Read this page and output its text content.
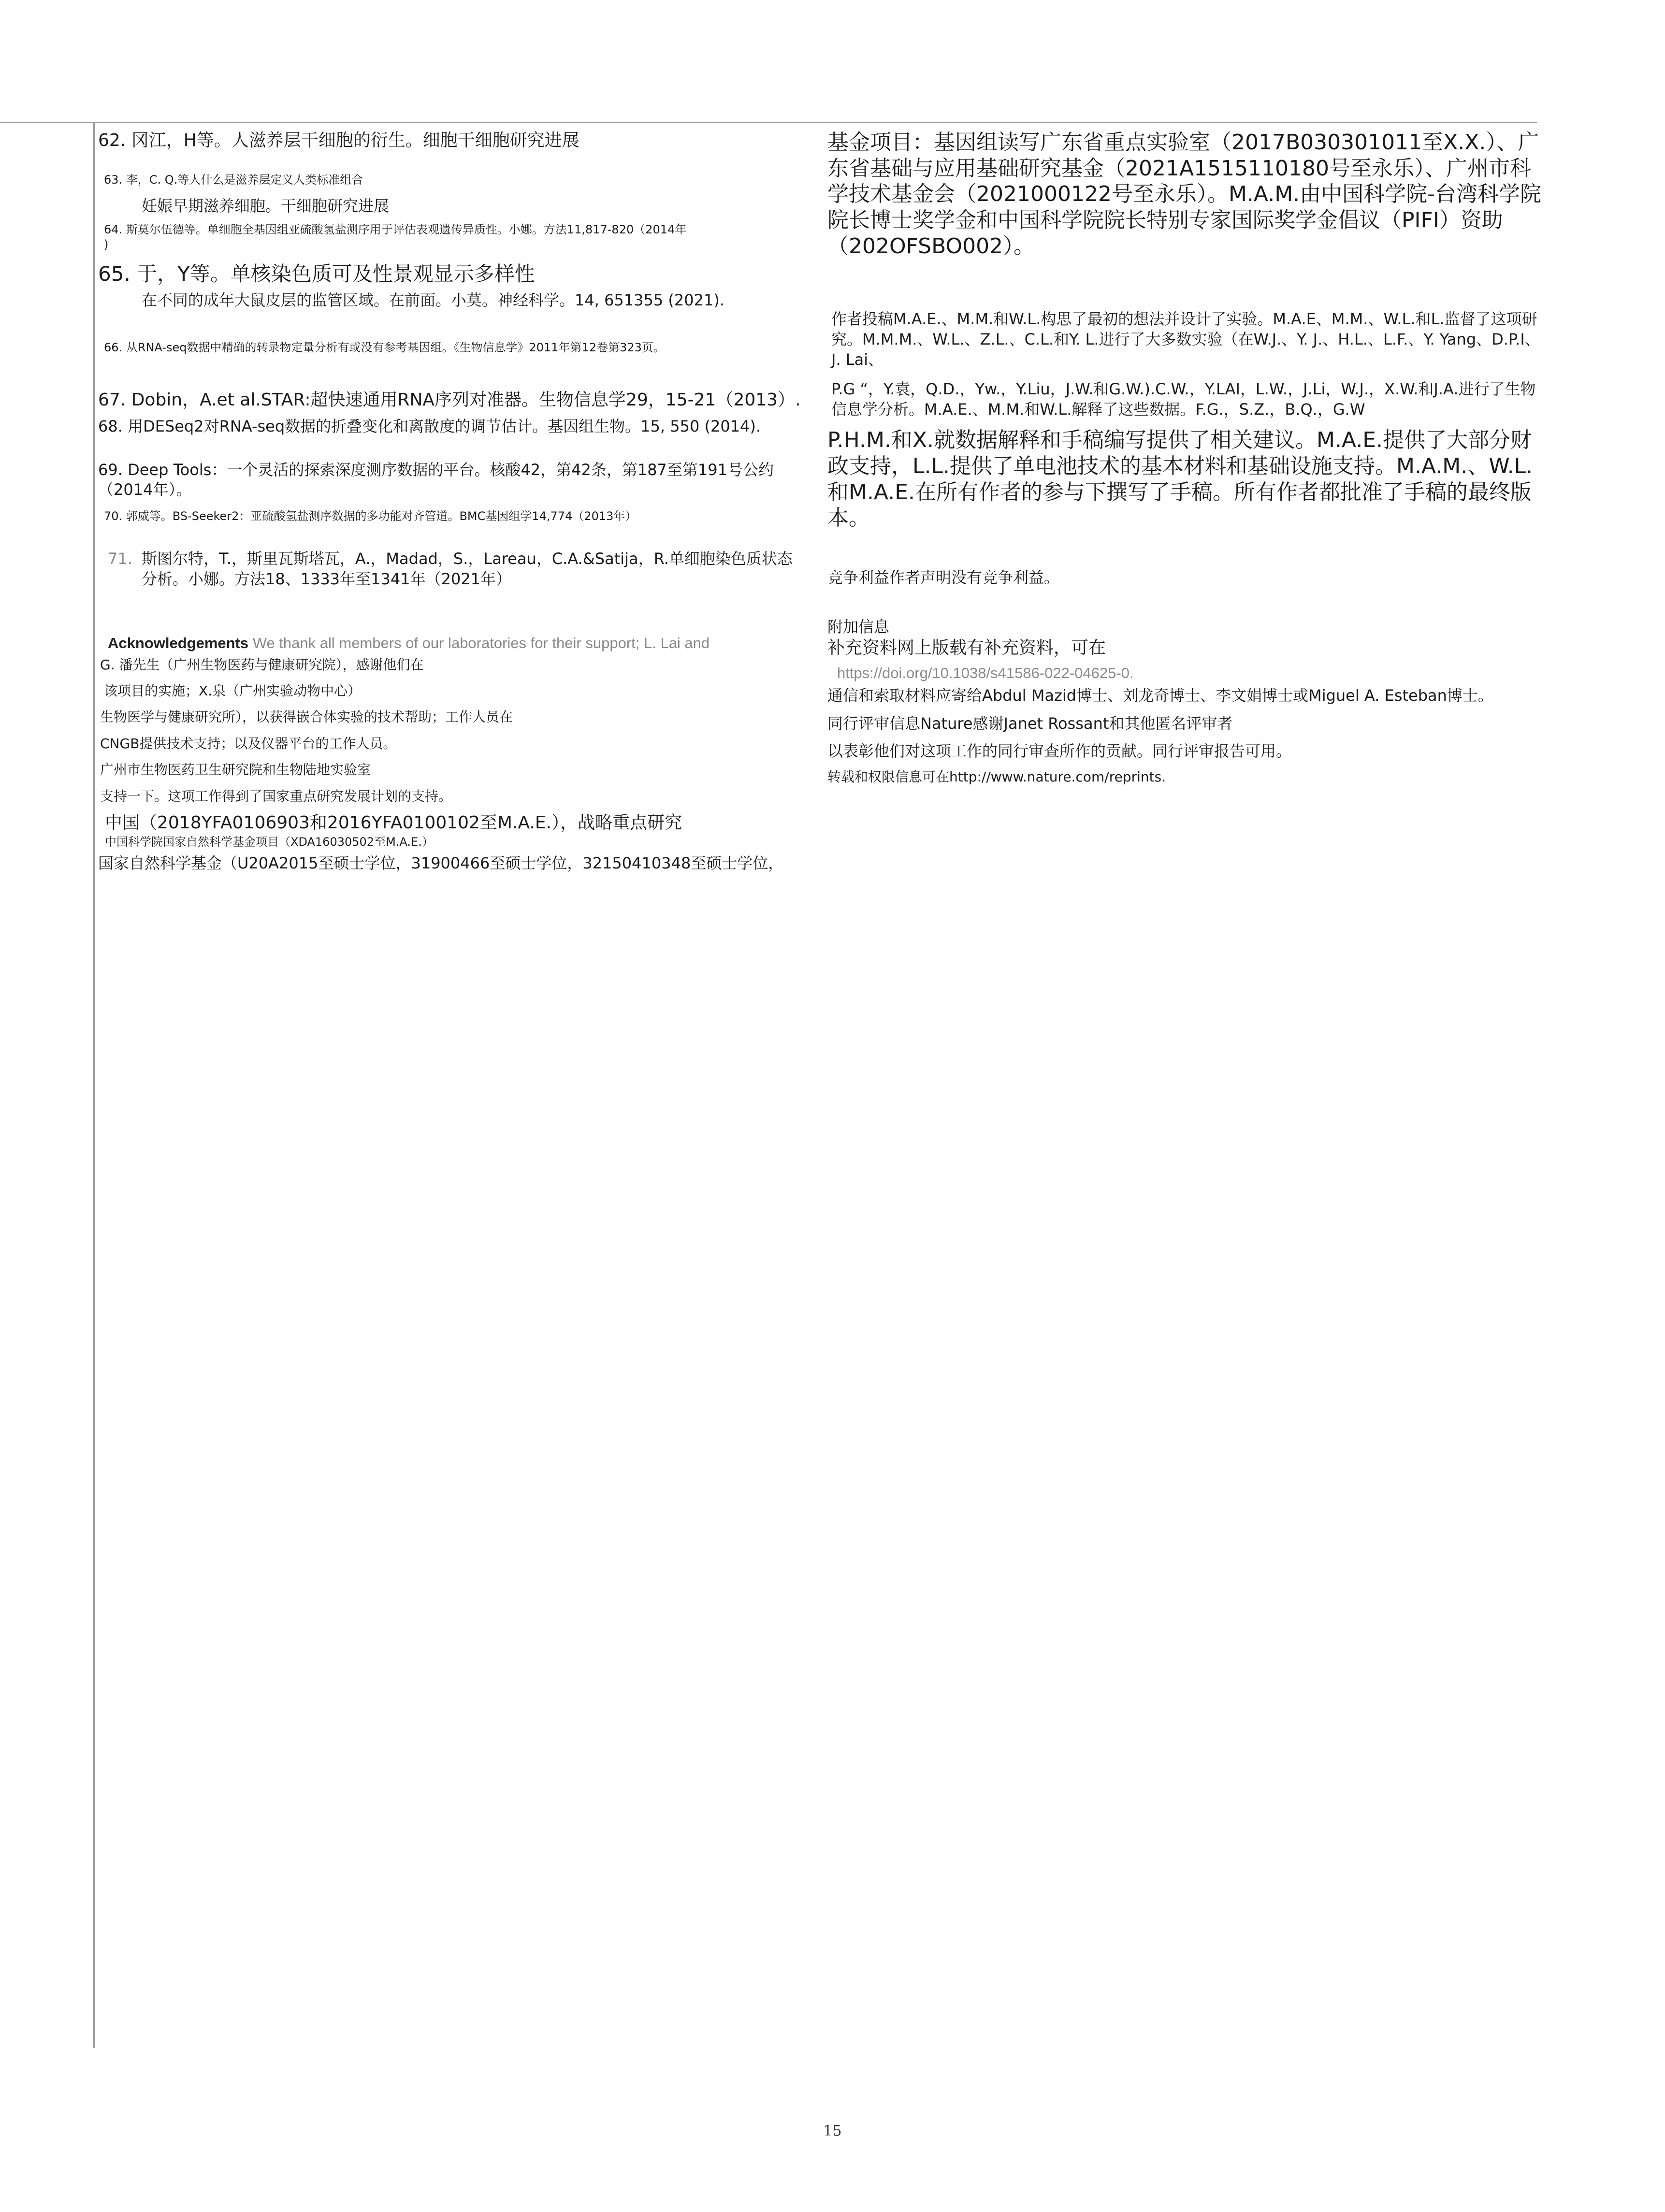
62. 冈江，H等。人滋养层干细胞的衍生。细胞干细胞研究进展

63. 李，C. Q.等人什么是滋养层定义人类标准组合

妊娠早期滋养细胞。干细胞研究进展

64. 斯莫尔伍德等。单细胞全基因组亚硫酸氢盐测序用于评估表观遗传异质性。小娜。方法11,817-820（2014年

)

65. 于，Y等。单核染色质可及性景观显示多样性

在不同的成年大鼠皮层的监管区域。在前面。小莫。神经科学。14, 651355 (2021).

66. 从RNA-seq数据中精确的转录物定量分析有或没有参考基因组。《生物信息学》2011年第12卷第323页。

67. Dobin，A.et al.STAR:超快速通用RNA序列对准器。生物信息学29，15-21（2013）.

68. 用DESeq2对RNA-seq数据的折叠变化和离散度的调节估计。基因组生物。15, 550 (2014).

69. Deep Tools：一个灵活的探索深度测序数据的平台。核酸42，第42条，第187至第191号公约（2014年）。

70. 郭威等。BS-Seeker2：亚硫酸氢盐测序数据的多功能对齐管道。BMC基因组学14,774（2013年）

71. 斯图尔特，T.，斯里瓦斯塔瓦，A.，Madad，S.，Lareau，C.A.&Satija，R.单细胞染色质状态分析。小娜。方法18、1333年至1341年（2021年）

Acknowledgements We thank all members of our laboratories for their support; L. Lai and

G. 潘先生（广州生物医药与健康研究院），感谢他们在

该项目的实施；X.泉（广州实验动物中心）

生物医学与健康研究所），以获得嵌合体实验的技术帮助；工作人员在

CNGB提供技术支持；以及仪器平台的工作人员。

广州市生物医药卫生研究院和生物陆地实验室

支持一下。这项工作得到了国家重点研究发展计划的支持。

中国（2018YFA0106903和2016YFA0100102至M.A.E.），战略重点研究

中国科学院国家自然科学基金项目（XDA16030502至M.A.E.）

国家自然科学基金（U20A2015至硕士学位，31900466至硕士学位，32150410348至硕士学位，

基金项目：基因组读写广东省重点实验室（2017B030301011至X.X.）、广东省基础与应用基础研究基金（2021A1515110180号至永乐）、广州市科学技术基金会（2021000122号至永乐）。M.A.M.由中国科学院-台湾科学院院长博士奖学金和中国科学院院长特别专家国际奖学金倡议（PIFI）资助（202OFSBO002）。

作者投稿M.A.E.、M.M.和W.L.构思了最初的想法并设计了实验。M.A.E、M.M.、W.L.和L.监督了这项研究。M.M.M.、W.L.、Z.L.、C.L.和Y. L.进行了大多数实验（在W.J.、Y. J.、H.L.、L.F.、Y. Yang、D.P.I、J. Lai、

P.G “，Y.袁，Q.D.，Yw.，Y.Liu，J.W.和G.W.).C.W.，Y.LAI，L.W.，J.Li，W.J.，X.W.和J.A.进行了生物信息学分析。M.A.E.、M.M.和W.L.解释了这些数据。F.G.，S.Z.，B.Q.，G.W

P.H.M.和X.就数据解释和手稿编写提供了相关建议。M.A.E.提供了大部分财政支持，L.L.提供了单电池技术的基本材料和基础设施支持。M.A.M.、W.L.和M.A.E.在所有作者的参与下撰写了手稿。所有作者都批准了手稿的最终版本。

竞争利益作者声明没有竞争利益。

附加信息

补充资料网上版载有补充资料，可在

https://doi.org/10.1038/s41586-022-04625-0.

通信和索取材料应寄给Abdul Mazid博士、刘龙奇博士、李文娟博士或Miguel A. Esteban博士。

同行评审信息Nature感谢Janet Rossant和其他匿名评审者

以表彰他们对这项工作的同行审查所作的贡献。同行评审报告可用。

转载和权限信息可在http://www.nature.com/reprints.

15
